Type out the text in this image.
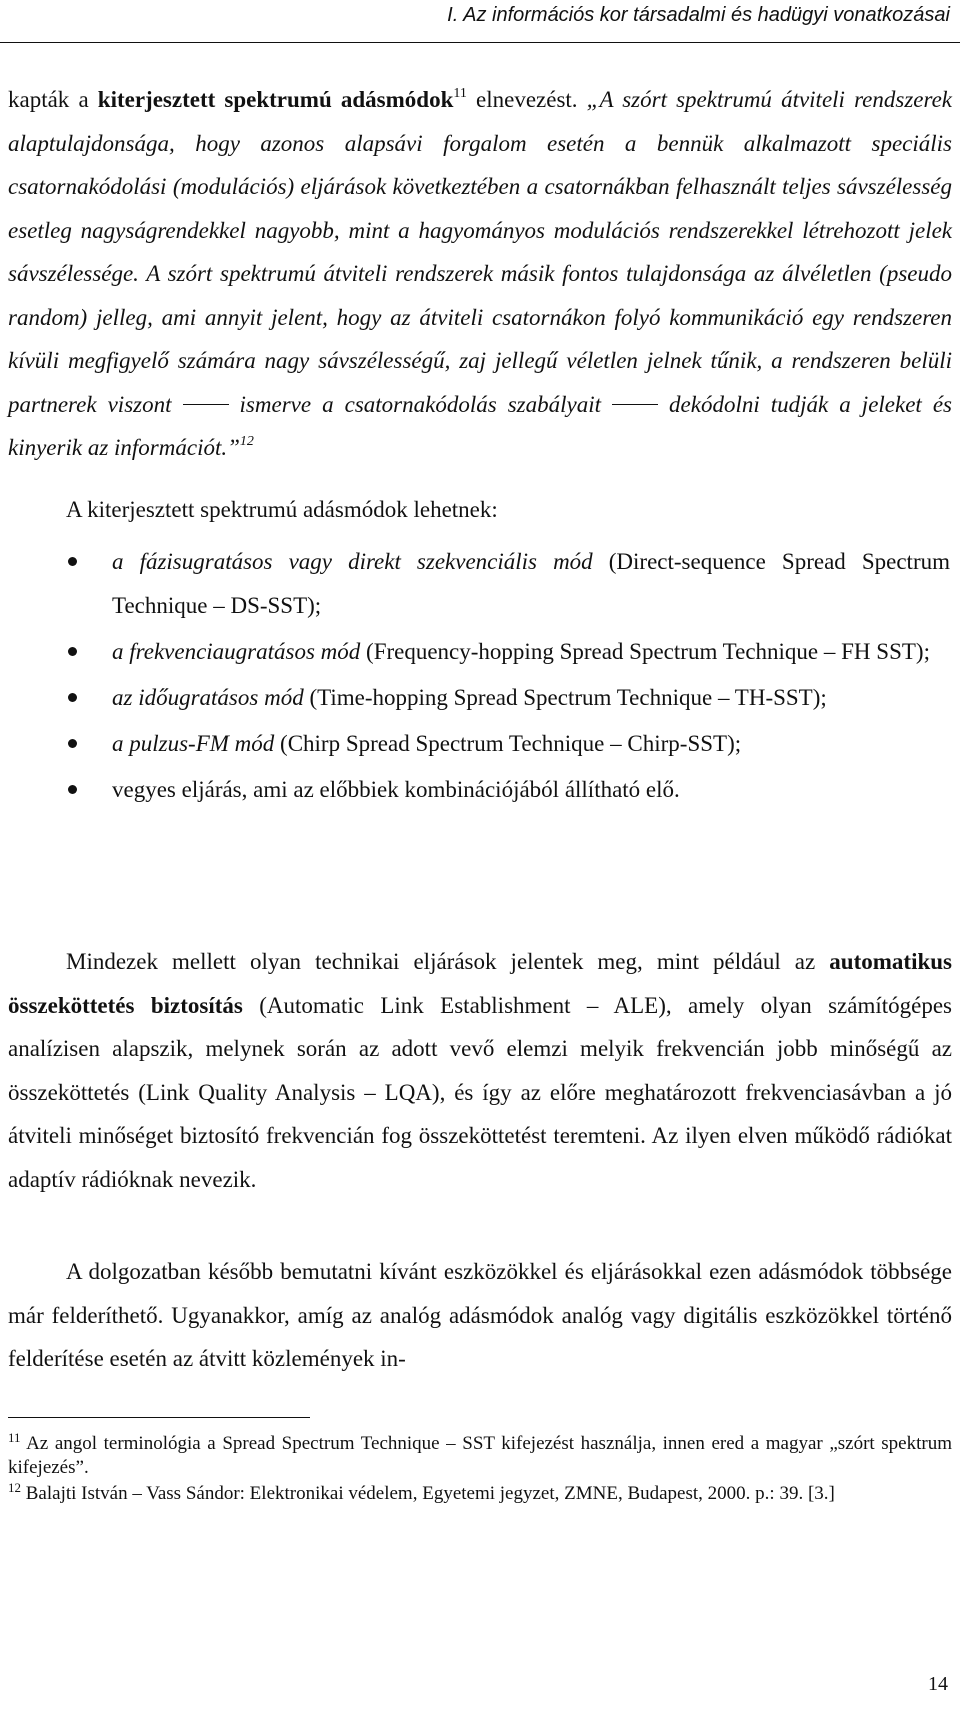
I. Az információs kor társadalmi és hadügyi vonatkozásai

kapták a kiterjesztett spektrumú adásmódok$^{11}$ elnevezést. „A szórt spektrumú átviteli rendszerek alaptulajdonsága, hogy azonos alapsávi forgalom esetén a bennük alkalmazott speciális csatornakódolási (modulációs) eljárások következtében a csatornákban felhasznált teljes sávszélesség esetleg nagyságrendekkel nagyobb, mint a hagyományos modulációs rendszerekkel létrehozott jelek sávszélessége. A szórt spektrumú átviteli rendszerek másik fontos tulajdonsága az álvéletlen (pseudo random) jelleg, ami annyit jelent, hogy az átviteli csatornákon folyó kommunikáció egy rendszeren kívüli megfigyelő számára nagy sávszélességű, zaj jellegű véletlen jelnek tűnik, a rendszeren belüli partnerek viszont  ismerve a csatornakódolás szabályait  dekódolni tudják a jeleket és kinyerik az információt.”$^{12}$

A kiterjesztett spektrumú adásmódok lehetnek:

a fázisugratásos vagy direkt szekvenciális mód (Direct-sequence Spread Spectrum Technique – DS-SST);
a frekvenciaugratásos mód (Frequency-hopping Spread Spectrum Technique – FH SST);
az időugratásos mód (Time-hopping Spread Spectrum Technique – TH-SST);
a pulzus-FM mód (Chirp Spread Spectrum Technique – Chirp-SST);
vegyes eljárás, ami az előbbiek kombinációjából állítható elő.

Mindezek mellett olyan technikai eljárások jelentek meg, mint például az automatikus összeköttetés biztosítás (Automatic Link Establishment – ALE), amely olyan számítógépes analízisen alapszik, melynek során az adott vevő elemzi melyik frekvencián jobb minőségű az összeköttetés (Link Quality Analysis – LQA), és így az előre meghatározott frekvenciasávban a jó átviteli minőséget biztosító frekvencián fog összeköttetést teremteni. Az ilyen elven működő rádiókat adaptív rádióknak nevezik.

A dolgozatban később bemutatni kívánt eszközökkel és eljárásokkal ezen adásmódok többsége már felderíthető. Ugyanakkor, amíg az analóg adásmódok analóg vagy digitális eszközökkel történő felderítése esetén az átvitt közlemények in-

$^{11}$ Az angol terminológia a Spread Spectrum Technique – SST kifejezést használja, innen ered a magyar „szórt spektrum kifejezés”.

$^{12}$ Balajti István – Vass Sándor: Elektronikai védelem, Egyetemi jegyzet, ZMNE, Budapest, 2000. p.: 39. [3.]

14
